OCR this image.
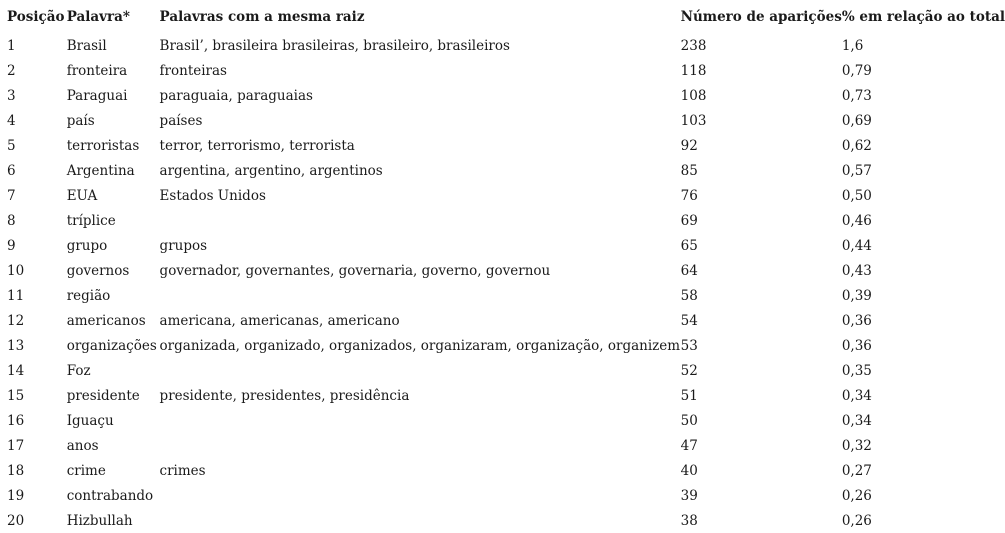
Posição	Palavra*	Palavras com a mesma raiz	Número de aparições	% em relação ao total
1	Brasil	Brasil’, brasileira brasileiras, brasileiro, brasileiros	238	1,6
2	fronteira	fronteiras	118	0,79
3	Paraguai	paraguaia, paraguaias	108	0,73
4	país	países	103	0,69
5	terroristas	terror, terrorismo, terrorista	92	0,62
6	Argentina	argentina, argentino, argentinos	85	0,57
7	EUA	Estados Unidos	76	0,50
8	tríplice		69	0,46
9	grupo	grupos	65	0,44
10	governos	governador, governantes, governaria, governo, governou	64	0,43
11	região		58	0,39
12	americanos	americana, americanas, americano	54	0,36
13	organizações	organizada, organizado, organizados, organizaram, organização, organizem	53	0,36
14	Foz		52	0,35
15	presidente	presidente, presidentes, presidência	51	0,34
16	Iguaçu		50	0,34
17	anos		47	0,32
18	crime	crimes	40	0,27
19	contrabando		39	0,26
20	Hizbullah		38	0,26
